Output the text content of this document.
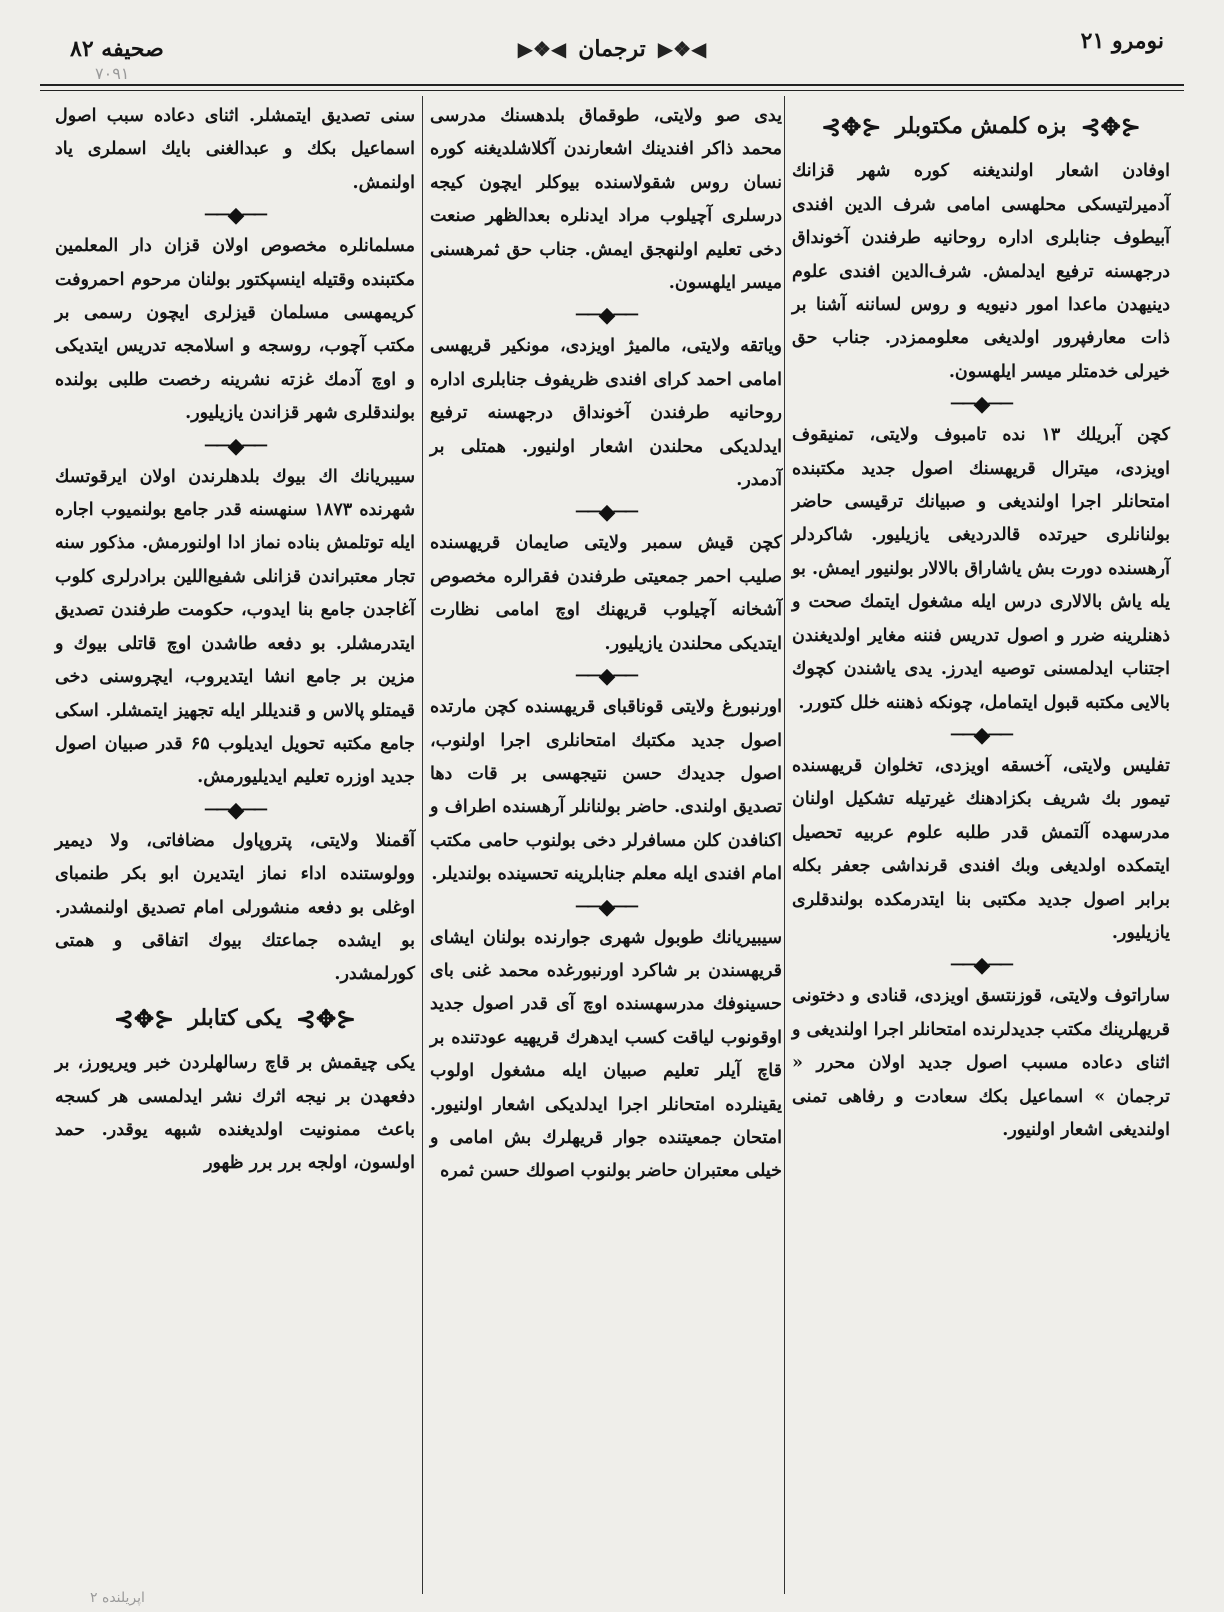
صحیفه ۸۲	◀❖▶
ترجمان
◀❖▶	نومرو ۲۱
۷۰۹۱
⊰✥⊱
بزه کلمش مکتوبلر
⊰✥⊱

اوفادن اشعار اولندیغنه کوره شهر قزانك آدمیرلتیسکی محلهسی امامی شرف الدین افندی آبیطوف جنابلری اداره روحانیه طرفندن آخونداق درجهسنه ترفیع ایدلمش. شرف‌الدین افندی علوم دینیهدن ماعدا امور دنیویه و روس لساننه آشنا بر ذات معارفپرور اولدیغی معلوممزدر. جناب حق خیرلی خدمتلر میسر ایلهسون.

──◆──

کچن آبریلك ۱۳ نده تامبوف ولایتی، تمنیقوف اویزدی، میترال قریهسنك اصول جدید مکتبنده امتحانلر اجرا اولندیغی و صبیانك ترقیسی حاضر بولنانلری حیرتده قالدردیغی یازیلیور. شاکردلر آرهسنده دورت بش یاشاراق بالالار بولنیور ایمش. بو یله یاش بالالاری درس ایله مشغول ایتمك صحت و ذهنلرینه ضرر و اصول تدریس فننه مغایر اولدیغندن اجتناب ایدلمسنی توصیه ایدرز. یدی یاشندن کچوك بالایی مکتبه قبول ایتمامل، چونکه ذهننه خلل کتورر.

──◆──

تفلیس ولایتی، آخسقه اویزدی، تخلوان قریهسنده تیمور بك شریف بکزادهنك غیرتیله تشکیل اولنان مدرسهده آلتمش قدر طلبه علوم عربیه تحصیل ایتمکده اولدیغی وبك افندی قرنداشی جعفر بکله برابر اصول جدید مکتبی بنا ایتدرمکده بولندقلری یازیلیور.

──◆──

ساراتوف ولایتی، قوزنتسق اویزدی، قنادی و دختونی قریهلرینك مکتب جدیدلرنده امتحانلر اجرا اولندیغی و اثنای دعاده مسبب اصول جدید اولان محرر « ترجمان » اسماعیل بکك سعادت و رفاهی تمنی اولندیغی اشعار اولنیور.

یدی صو ولایتی، طوقماق بلدهسنك مدرسی محمد ذاکر افندینك اشعارندن آکلاشلدیغنه کوره نسان روس شقولاسنده بیوکلر ایچون کیجه درسلری آچیلوب مراد ایدنلره بعدالظهر صنعت دخی تعلیم اولنهجق ایمش. جناب حق ثمرهسنی میسر ایلهسون.

──◆──

ویاتقه ولایتی، مالمیژ اویزدی، مونکیر قریهسی امامی احمد کرای افندی ظریفوف جنابلری اداره روحانیه طرفندن آخونداق درجهسنه ترفیع ایدلدیکی محلندن اشعار اولنیور. همتلی بر آدمدر.

──◆──

کچن قیش سمبر ولایتی صایمان قریهسنده صلیب احمر جمعیتی طرفندن فقرالره مخصوص آشخانه آچیلوب قریهنك اوچ امامی نظارت ایتدیکی محلندن یازیلیور.

──◆──

اورنبورغ ولایتی قوناقبای قریهسنده کچن مارتده اصول جدید مکتبك امتحانلری اجرا اولنوب، اصول جدیدك حسن نتیجهسی بر قات دها تصدیق اولندی. حاضر بولنانلر آرهسنده اطراف و اکنافدن کلن مسافرلر دخی بولنوب حامی مکتب امام افندی ایله معلم جنابلرینه تحسینده بولندیلر.

──◆──

سیبیریانك طوبول شهری جوارنده بولنان ایشای قریهسندن بر شاکرد اورنبورغده محمد غنی بای حسینوفك مدرسهسنده اوچ آی قدر اصول جدید اوقونوب لیاقت کسب ایدهرك قریهیه عودتنده بر قاچ آیلر تعلیم صبیان ایله مشغول اولوب یقینلرده امتحانلر اجرا ایدلدیکی اشعار اولنیور. امتحان جمعیتنده جوار قریهلرك بش امامی و خیلی معتبران حاضر بولنوب اصولك حسن ثمره

سنی تصدیق ایتمشلر. اثنای دعاده سبب اصول اسماعیل بکك و عبدالغنی بایك اسملری یاد اولنمش.

──◆──

مسلمانلره مخصوص اولان قزان دار المعلمین مکتبنده وقتیله اینسپکتور بولنان مرحوم احمروفت کریمهسی مسلمان قیزلری ایچون رسمی بر مکتب آچوب، روسجه و اسلامجه تدریس ایتدیکی و اوچ آدمك غزته نشرینه رخصت طلبی بولنده بولندقلری شهر قزاندن یازیلیور.

──◆──

سیبریانك اك بیوك بلدهلرندن اولان ایرقوتسك شهرنده ۱۸۷۳ سنهسنه قدر جامع بولنمیوب اجاره ایله توتلمش بناده نماز ادا اولنورمش. مذکور سنه تجار معتبراندن قزانلی شفیع‌اللین برادرلری کلوب آغاجدن جامع بنا ایدوب، حکومت طرفندن تصدیق ایتدرمشلر. بو دفعه طاشدن اوچ قاتلی بیوك و مزین بر جامع انشا ایتدیروب، ایچروسنی دخی قیمتلو پالاس و قندیللر ایله تجهیز ایتمشلر. اسکی جامع مکتبه تحویل ایدیلوب ۶۵ قدر صبیان اصول جدید اوزره تعلیم ایدیلیورمش.

──◆──

آقمنلا ولایتی، پتروپاول مضافاتی، ولا دیمیر وولوستنده اداء نماز ایتدیرن ابو بکر طنمبای اوغلی بو دفعه منشورلی امام تصدیق اولنمشدر. بو ایشده جماعتك بیوك اتفاقی و همتی کورلمشدر.

⊰✥⊱
یکی کتابلر
⊰✥⊱

یکی چیقمش بر قاچ رسالهلردن خبر ویریورز، بر دفعهدن بر نیجه اثرك نشر ایدلمسی هر کسجه باعث ممنونیت اولدیغنده شبهه یوقدر. حمد اولسون، اولجه برر برر ظهور

۲ اپریلنده
